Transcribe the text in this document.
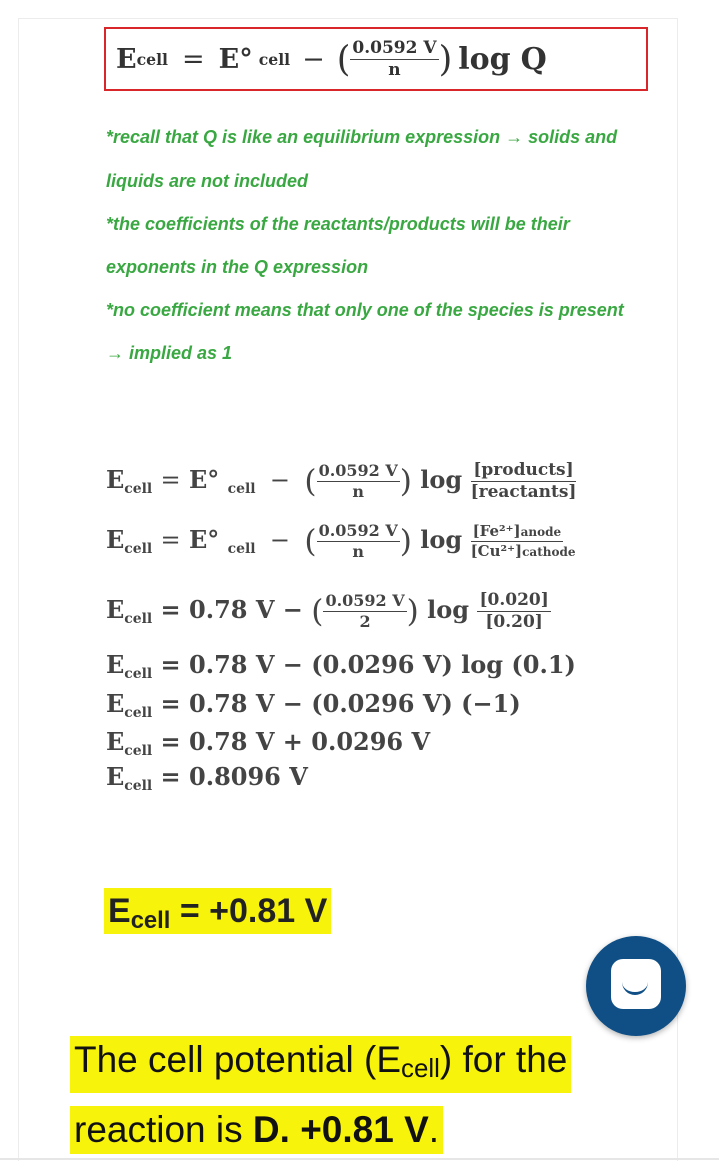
E cell = E° cell − ( $\frac{0.0592 V}{n}$ ) log Q
*recall that Q is like an equilibrium expression → solids and
liquids are not included
*the coefficients of the reactants/products will be their
exponents in the Q expression
*no coefficient means that only one of the species is present
→ implied as 1
$E_{cell} = E^\circ$ $_{cell}$ − ( $\frac{0.0592 V}{n}$ ) $\log \frac{\text{[products]}}{\text{[reactants]}}$
$E_{cell} = E^\circ$ $_{cell}$ − ( $\frac{0.0592 V}{n}$ ) $\log \frac{\text{[Fe²⁺]anode}}{\text{[Cu²⁺]cathode}}$
$E_{cell} = 0.78$ V − ( $\frac{0.0592 V}{2}$ ) $\log \frac{[0.020]}{[0.20]}$
$E_{cell} = 0.78$ V − (0.0296 V) log (0.1)
$E_{cell} = 0.78$ V − (0.0296 V) (−1)
$E_{cell} = 0.78$ V + 0.0296 V
$E_{cell} = 0.8096$ V
$E_{cell} = +0.81$ V
The cell potential $(E_{cell})$ for the
reaction is D. +0.81 V.
